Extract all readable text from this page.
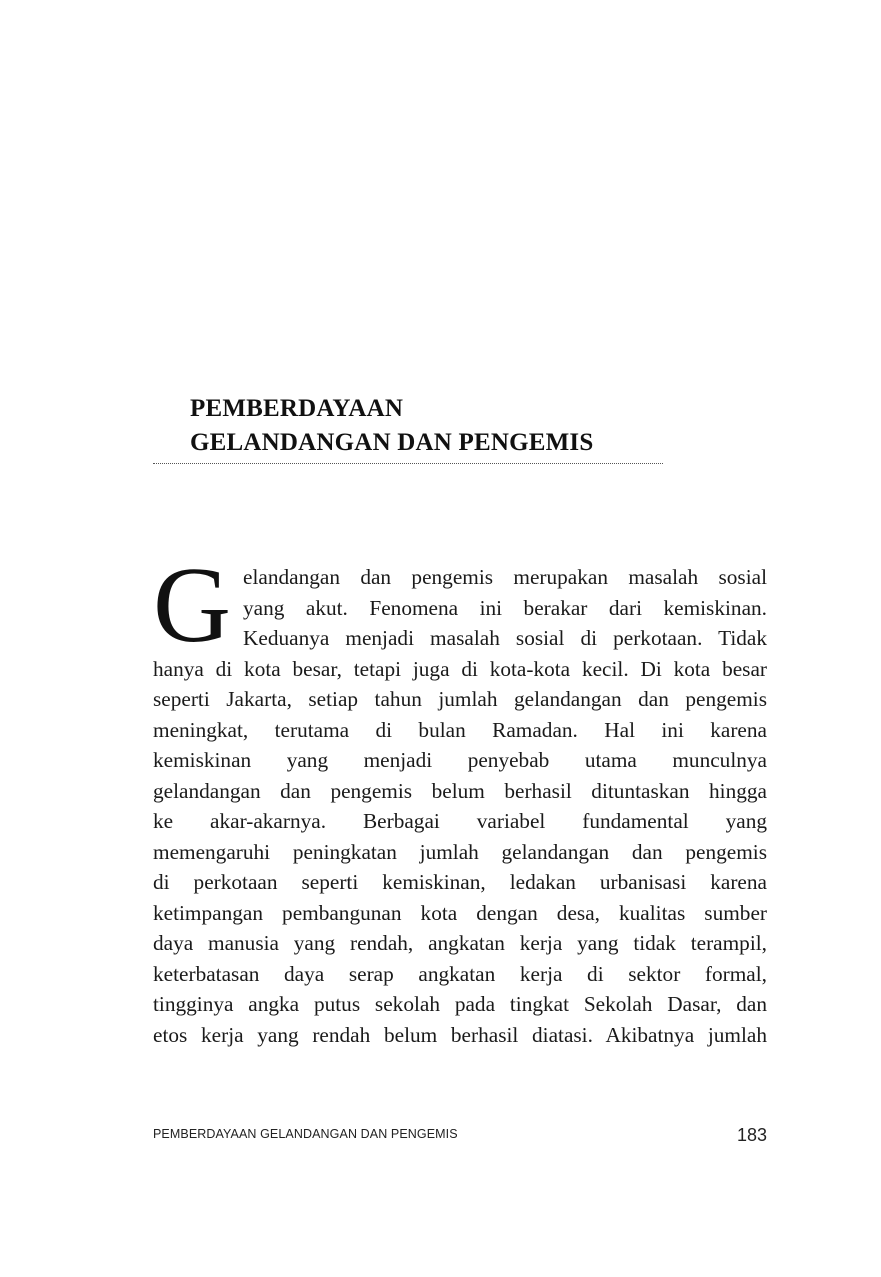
PEMBERDAYAAN
GELANDANGAN DAN PENGEMIS
G elandangan dan pengemis merupakan masalah sosial
yang akut. Fenomena ini berakar dari kemiskinan.
Keduanya menjadi masalah sosial di perkotaan. Tidak
hanya di kota besar, tetapi juga di kota-kota kecil. Di kota besar
seperti Jakarta, setiap tahun jumlah gelandangan dan pengemis
meningkat, terutama di bulan Ramadan. Hal ini karena
kemiskinan yang menjadi penyebab utama munculnya
gelandangan dan pengemis belum berhasil dituntaskan hingga
ke akar-akarnya. Berbagai variabel fundamental yang
memengaruhi peningkatan jumlah gelandangan dan pengemis
di perkotaan seperti kemiskinan, ledakan urbanisasi karena
ketimpangan pembangunan kota dengan desa, kualitas sumber
daya manusia yang rendah, angkatan kerja yang tidak terampil,
keterbatasan daya serap angkatan kerja di sektor formal,
tingginya angka putus sekolah pada tingkat Sekolah Dasar, dan
etos kerja yang rendah belum berhasil diatasi. Akibatnya jumlah
PEMBERDAYAAN GELANDANGAN DAN PENGEMIS	183
